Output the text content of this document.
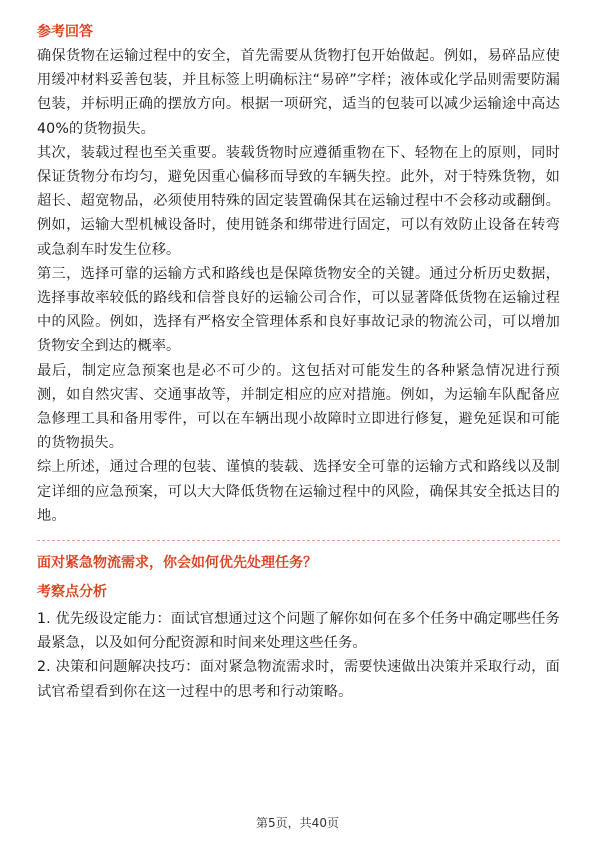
参考回答

确保货物在运输过程中的安全，首先需要从货物打包开始做起。例如，易碎品应使用缓冲材料妥善包装，并且标签上明确标注“易碎”字样；液体或化学品则需要防漏包装，并标明正确的摆放方向。根据一项研究，适当的包装可以减少运输途中高达40%的货物损失。

其次，装载过程也至关重要。装载货物时应遵循重物在下、轻物在上的原则，同时保证货物分布均匀，避免因重心偏移而导致的车辆失控。此外，对于特殊货物，如超长、超宽物品，必须使用特殊的固定装置确保其在运输过程中不会移动或翻倒。例如，运输大型机械设备时，使用链条和绑带进行固定，可以有效防止设备在转弯或急刹车时发生位移。

第三，选择可靠的运输方式和路线也是保障货物安全的关键。通过分析历史数据，选择事故率较低的路线和信誉良好的运输公司合作，可以显著降低货物在运输过程中的风险。例如，选择有严格安全管理体系和良好事故记录的物流公司，可以增加货物安全到达的概率。

最后，制定应急预案也是必不可少的。这包括对可能发生的各种紧急情况进行预测，如自然灾害、交通事故等，并制定相应的应对措施。例如，为运输车队配备应急修理工具和备用零件，可以在车辆出现小故障时立即进行修复，避免延误和可能的货物损失。

综上所述，通过合理的包装、谨慎的装载、选择安全可靠的运输方式和路线以及制定详细的应急预案，可以大大降低货物在运输过程中的风险，确保其安全抵达目的地。

面对紧急物流需求，你会如何优先处理任务？
考察点分析
1. 优先级设定能力：面试官想通过这个问题了解你如何在多个任务中确定哪些任务最紧急，以及如何分配资源和时间来处理这些任务。
2. 决策和问题解决技巧：面对紧急物流需求时，需要快速做出决策并采取行动，面试官希望看到你在这一过程中的思考和行动策略。
第5页，共40页
